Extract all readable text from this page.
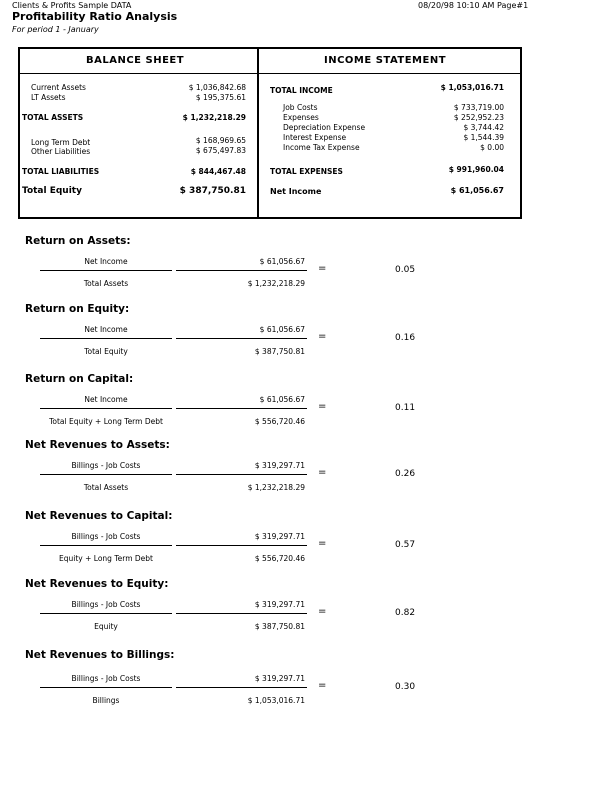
Clients & Profits Sample DATA
Profitability Ratio Analysis
For period 1 - January
08/20/98 10:10 AM Page#1
BALANCE SHEET	INCOME STATEMENT
Current Assets	$ 1,036,842.68
LT Assets	$ 195,375.61
TOTAL ASSETS	$ 1,232,218.29
Long Term Debt	$ 168,969.65
Other Liabilities	$ 675,497.83
TOTAL LIABILITIES	$ 844,467.48
Total Equity	$ 387,750.81
TOTAL INCOME	$ 1,053,016.71
Job Costs	$ 733,719.00
Expenses	$ 252,952.23
Depreciation Expense	$ 3,744.42
Interest Expense	$ 1,544.39
Income Tax Expense	$ 0.00
TOTAL EXPENSES	$ 991,960.04
Net Income	$ 61,056.67
Return on Assets:
Net Income	$ 61,056.67
Total Assets	$ 1,232,218.29
=	0.05
Return on Equity:
Net Income	$ 61,056.67
Total Equity	$ 387,750.81
=	0.16
Return on Capital:
Net Income	$ 61,056.67
Total Equity + Long Term Debt	$ 556,720.46
=	0.11
Net Revenues to Assets:
Billings - Job Costs	$ 319,297.71
Total Assets	$ 1,232,218.29
=	0.26
Net Revenues to Capital:
Billings - Job Costs	$ 319,297.71
Equity + Long Term Debt	$ 556,720.46
=	0.57
Net Revenues to Equity:
Billings - Job Costs	$ 319,297.71
Equity	$ 387,750.81
=	0.82
Net Revenues to Billings:
Billings - Job Costs	$ 319,297.71
Billings	$ 1,053,016.71
=	0.30
